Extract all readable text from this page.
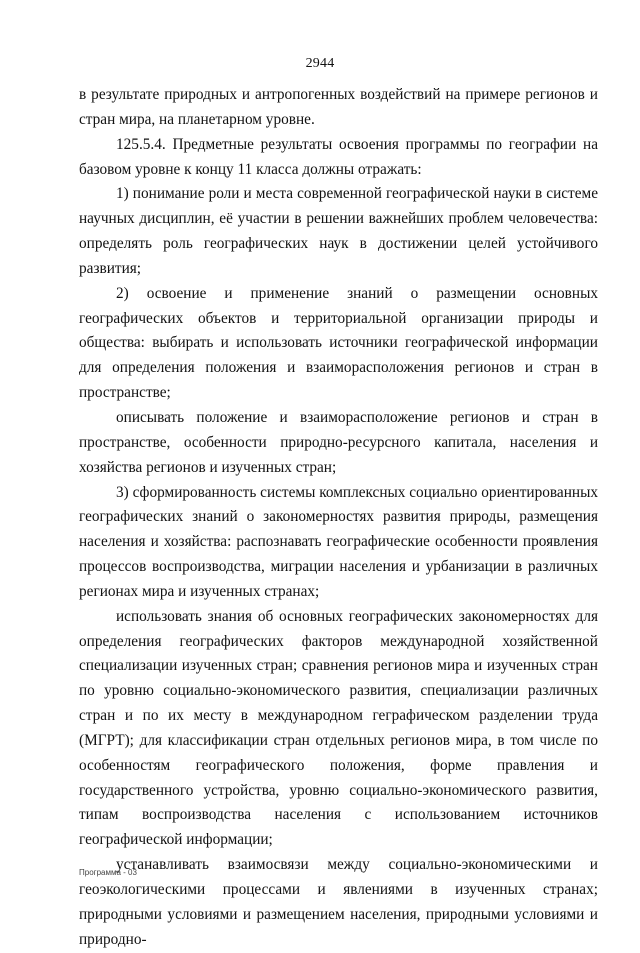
2944

в результате природных и антропогенных воздействий на примере регионов и стран мира, на планетарном уровне.

125.5.4. Предметные результаты освоения программы по географии на базовом уровне к концу 11 класса должны отражать:

1) понимание роли и места современной географической науки в системе научных дисциплин, её участии в решении важнейших проблем человечества: определять роль географических наук в достижении целей устойчивого развития;

2) освоение и применение знаний о размещении основных географических объектов и территориальной организации природы и общества: выбирать и использовать источники географической информации для определения положения и взаиморасположения регионов и стран в пространстве;

описывать положение и взаиморасположение регионов и стран в пространстве, особенности природно-ресурсного капитала, населения и хозяйства регионов и изученных стран;

3) сформированность системы комплексных социально ориентированных географических знаний о закономерностях развития природы, размещения населения и хозяйства: распознавать географические особенности проявления процессов воспроизводства, миграции населения и урбанизации в различных регионах мира и изученных странах;

использовать знания об основных географических закономерностях для определения географических факторов международной хозяйственной специализации изученных стран; сравнения регионов мира и изученных стран по уровню социально-экономического развития, специализации различных стран и по их месту в международном геграфическом разделении труда (МГРТ); для классификации стран отдельных регионов мира, в том числе по особенностям географического положения, форме правления и государственного устройства, уровню социально-экономического развития, типам воспроизводства населения с использованием источников географической информации;

устанавливать взаимосвязи между социально-экономическими и геоэкологическими процессами и явлениями в изученных странах; природными условиями и размещением населения, природными условиями и природно-

Программа - 03
